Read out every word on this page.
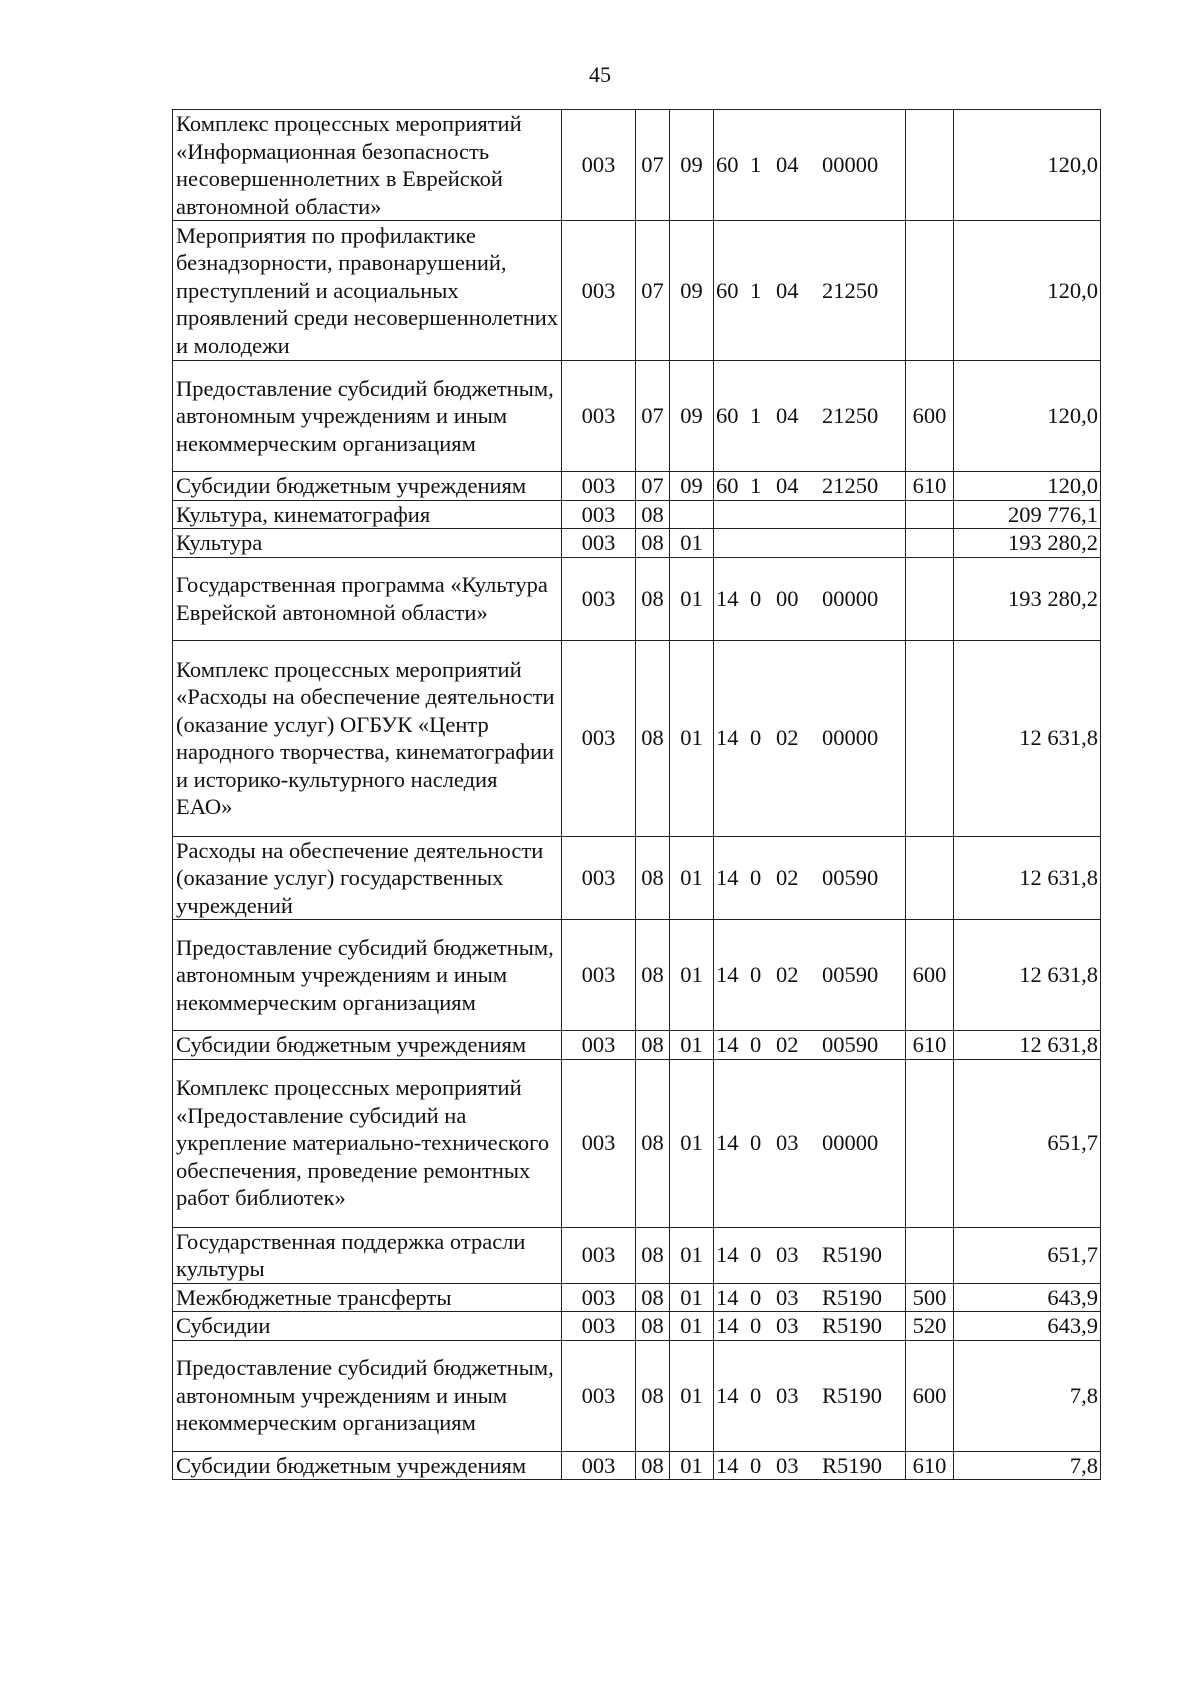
45
Комплекс процессных мероприятий «Информационная безопасность несовершеннолетних в Еврейской автономной области»	003	07	09	60 1 04 00000		120,0
Мероприятия по профилактике безнадзорности, правонарушений, преступлений и асоциальных проявлений среди несовершеннолетних и молодежи	003	07	09	60 1 04 21250		120,0
Предоставление субсидий бюджетным, автономным учреждениям и иным некоммерческим организациям	003	07	09	60 1 04 21250	600	120,0
Субсидии бюджетным учреждениям	003	07	09	60 1 04 21250	610	120,0
Культура, кинематография	003	08				209 776,1
Культура	003	08	01			193 280,2
Государственная программа «Культура Еврейской автономной области»	003	08	01	14 0 00 00000		193 280,2
Комплекс процессных мероприятий «Расходы на обеспечение деятельности (оказание услуг) ОГБУК «Центр народного творчества, кинематографии и историко-культурного наследия ЕАО»	003	08	01	14 0 02 00000		12 631,8
Расходы на обеспечение деятельности (оказание услуг) государственных учреждений	003	08	01	14 0 02 00590		12 631,8
Предоставление субсидий бюджетным, автономным учреждениям и иным некоммерческим организациям	003	08	01	14 0 02 00590	600	12 631,8
Субсидии бюджетным учреждениям	003	08	01	14 0 02 00590	610	12 631,8
Комплекс процессных мероприятий «Предоставление субсидий на укрепление материально-технического обеспечения, проведение ремонтных работ библиотек»	003	08	01	14 0 03 00000		651,7
Государственная поддержка отрасли культуры	003	08	01	14 0 03 R5190		651,7
Межбюджетные трансферты	003	08	01	14 0 03 R5190	500	643,9
Субсидии	003	08	01	14 0 03 R5190	520	643,9
Предоставление субсидий бюджетным, автономным учреждениям и иным некоммерческим организациям	003	08	01	14 0 03 R5190	600	7,8
Субсидии бюджетным учреждениям	003	08	01	14 0 03 R5190	610	7,8
